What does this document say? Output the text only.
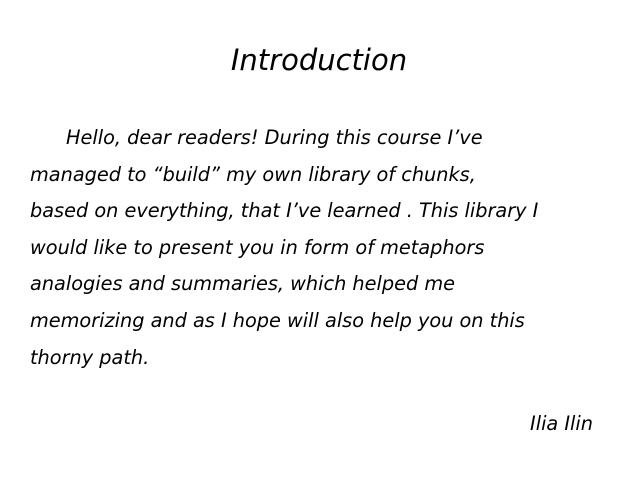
Introduction
Hello, dear readers! During this course I’ve
managed to “build” my own library of chunks,
based on everything, that I’ve learned . This library I
would like to present you in form of metaphors
analogies and summaries, which helped me
memorizing and as I hope will also help you on this
thorny path.
Ilia Ilin
